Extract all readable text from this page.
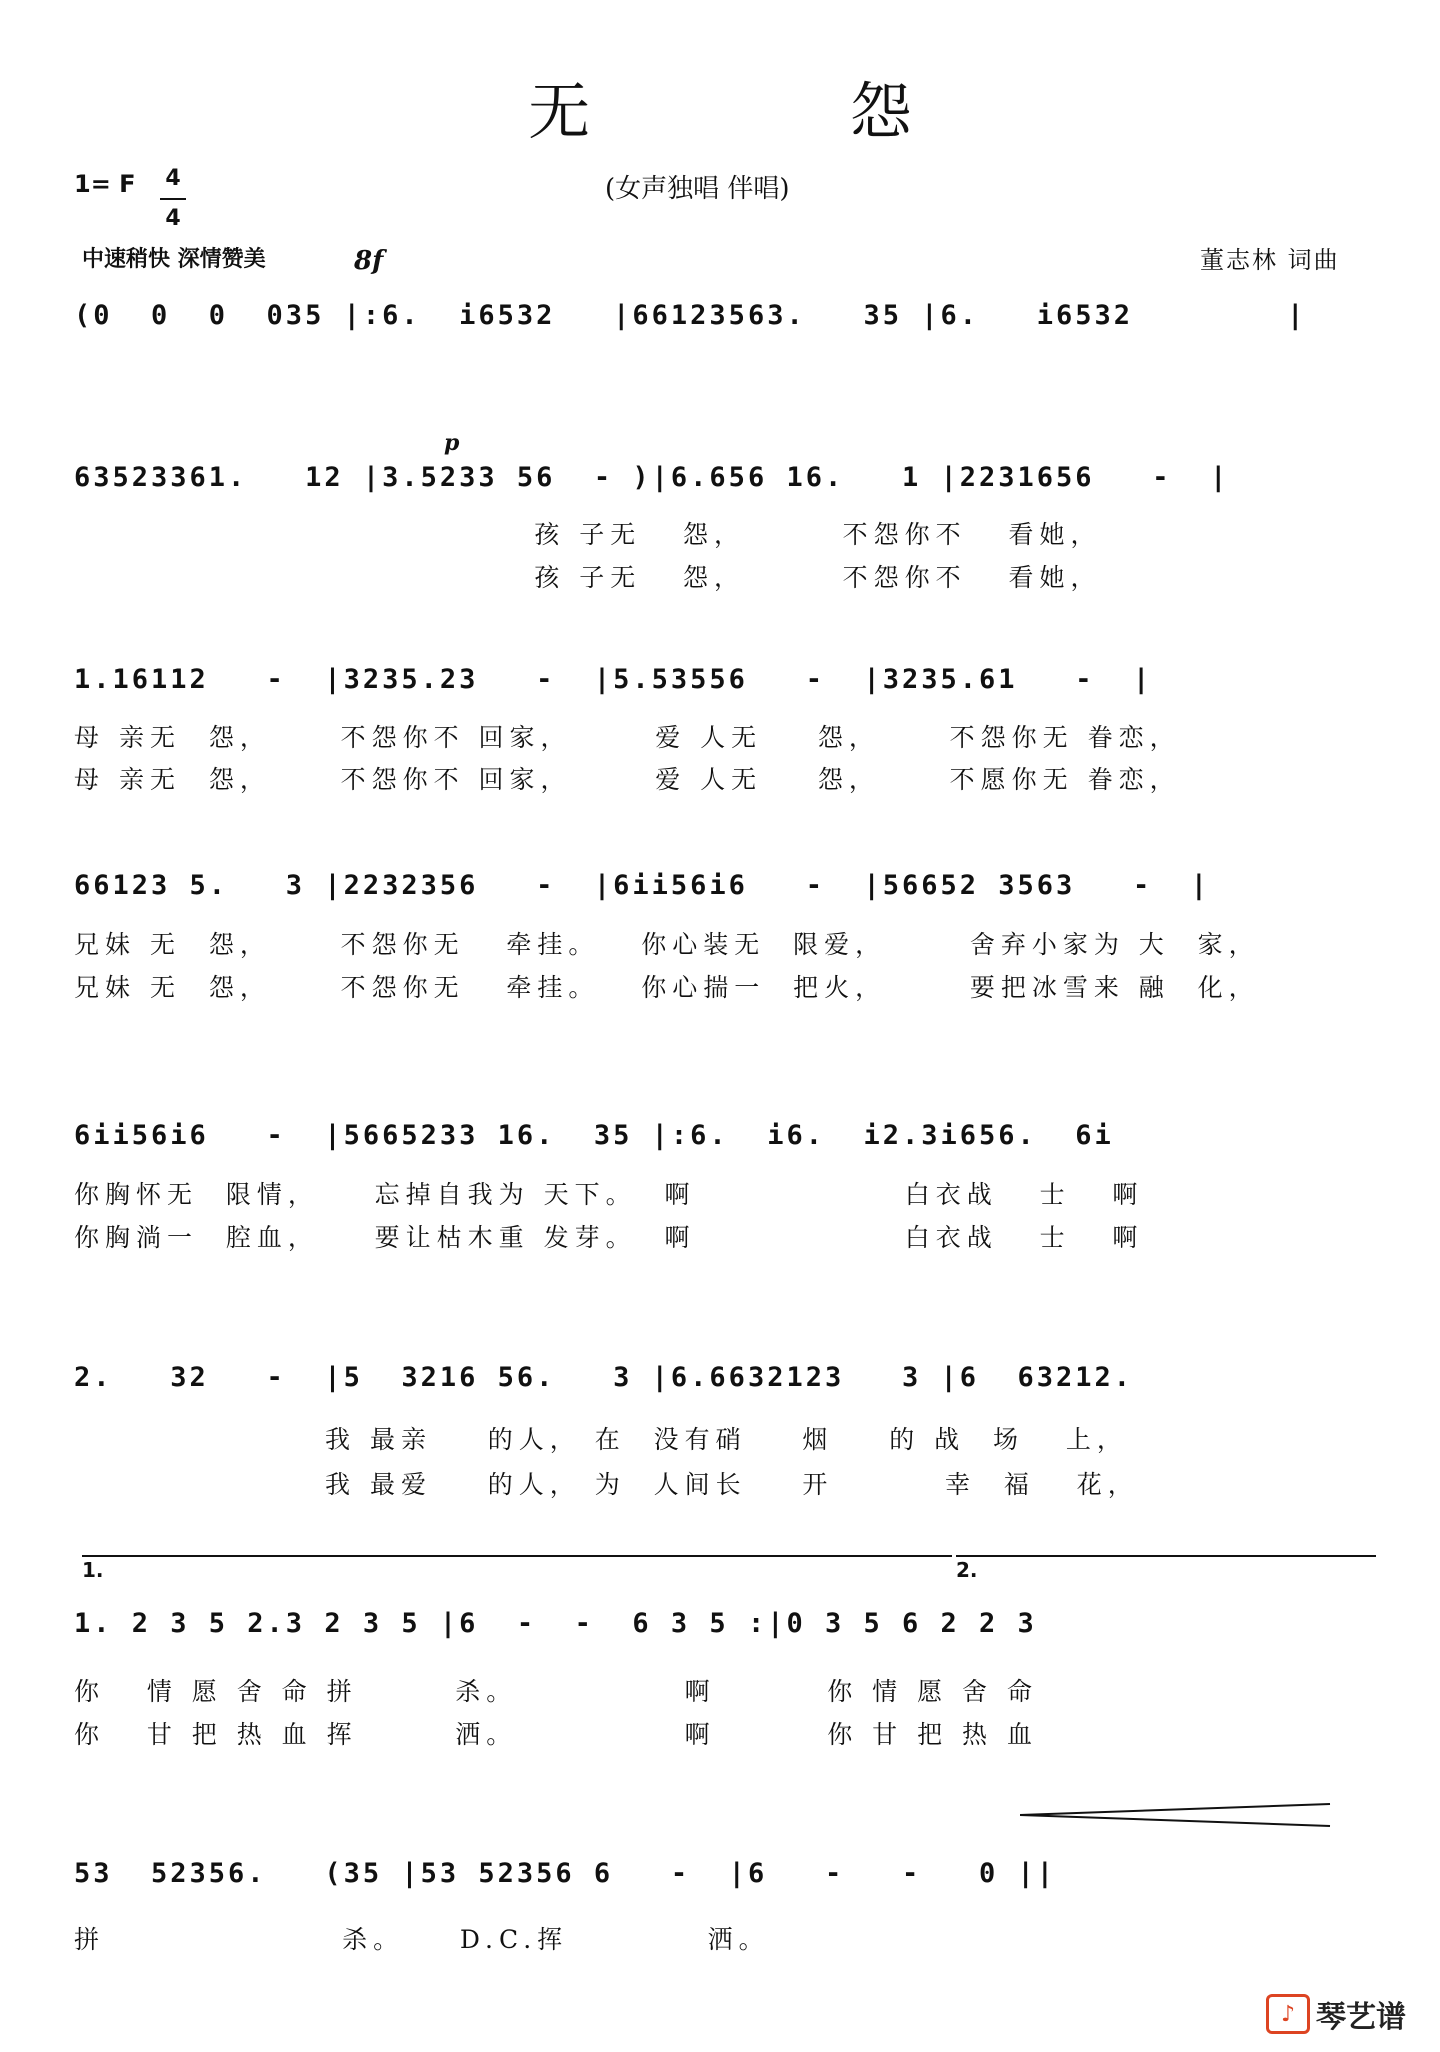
无 怨
1= F 4
4
(女声独唱 伴唱)
中速稍快 深情赞美	8f	董志林 词曲
(0  0  0  035 |:6.  i6532   |66123563.   35 |6.   i6532        |
p
63523361.   12 |3.5233 56  - )|6.656 16.   1 |2231656   -  |
孩 子无   怨，       不怨你不   看她，
孩 子无   怨，       不怨你不   看她，
1.16112   -  |3235.23   -  |5.53556   -  |3235.61   -  |
母 亲无  怨，     不怨你不 回家，      爱 人无    怨，     不怨你无 眷恋，
母 亲无  怨，     不怨你不 回家，      爱 人无    怨，     不愿你无 眷恋，
66123 5.   3 |2232356   -  |6ii56i6   -  |56652 3563   -  |
兄妹 无  怨，     不怨你无   牵挂。   你心装无  限爱，      舍弃小家为 大  家，
兄妹 无  怨，     不怨你无   牵挂。   你心揣一  把火，      要把冰雪来 融  化，
6ii56i6   -  |5665233 16.  35 |:6.  i6.  i2.3i656.  6i
你胸怀无  限情，    忘掉自我为 天下。  啊               白衣战   士   啊
你胸淌一  腔血，    要让枯木重 发芽。  啊               白衣战   士   啊
2.   32   -  |5  3216 56.   3 |6.6632123   3 |6  63212.
我 最亲    的人， 在  没有硝    烟    的 战  场   上，
我 最爱    的人， 为  人间长    开        幸  福   花，
1.	2.
1. 2 3 5 2.3 2 3 5 |6  -  -  6 3 5 :|0 3 5 6 2 2 3
你   情 愿 舍 命 拼       杀。            啊        你 情 愿 舍 命
你   甘 把 热 血 挥       洒。            啊        你 甘 把 热 血
53  52356.   (35 |53 52356 6   -  |6   -   -   0 ||
拼                 杀。    D.C.挥          洒。
♪ 琴艺谱
